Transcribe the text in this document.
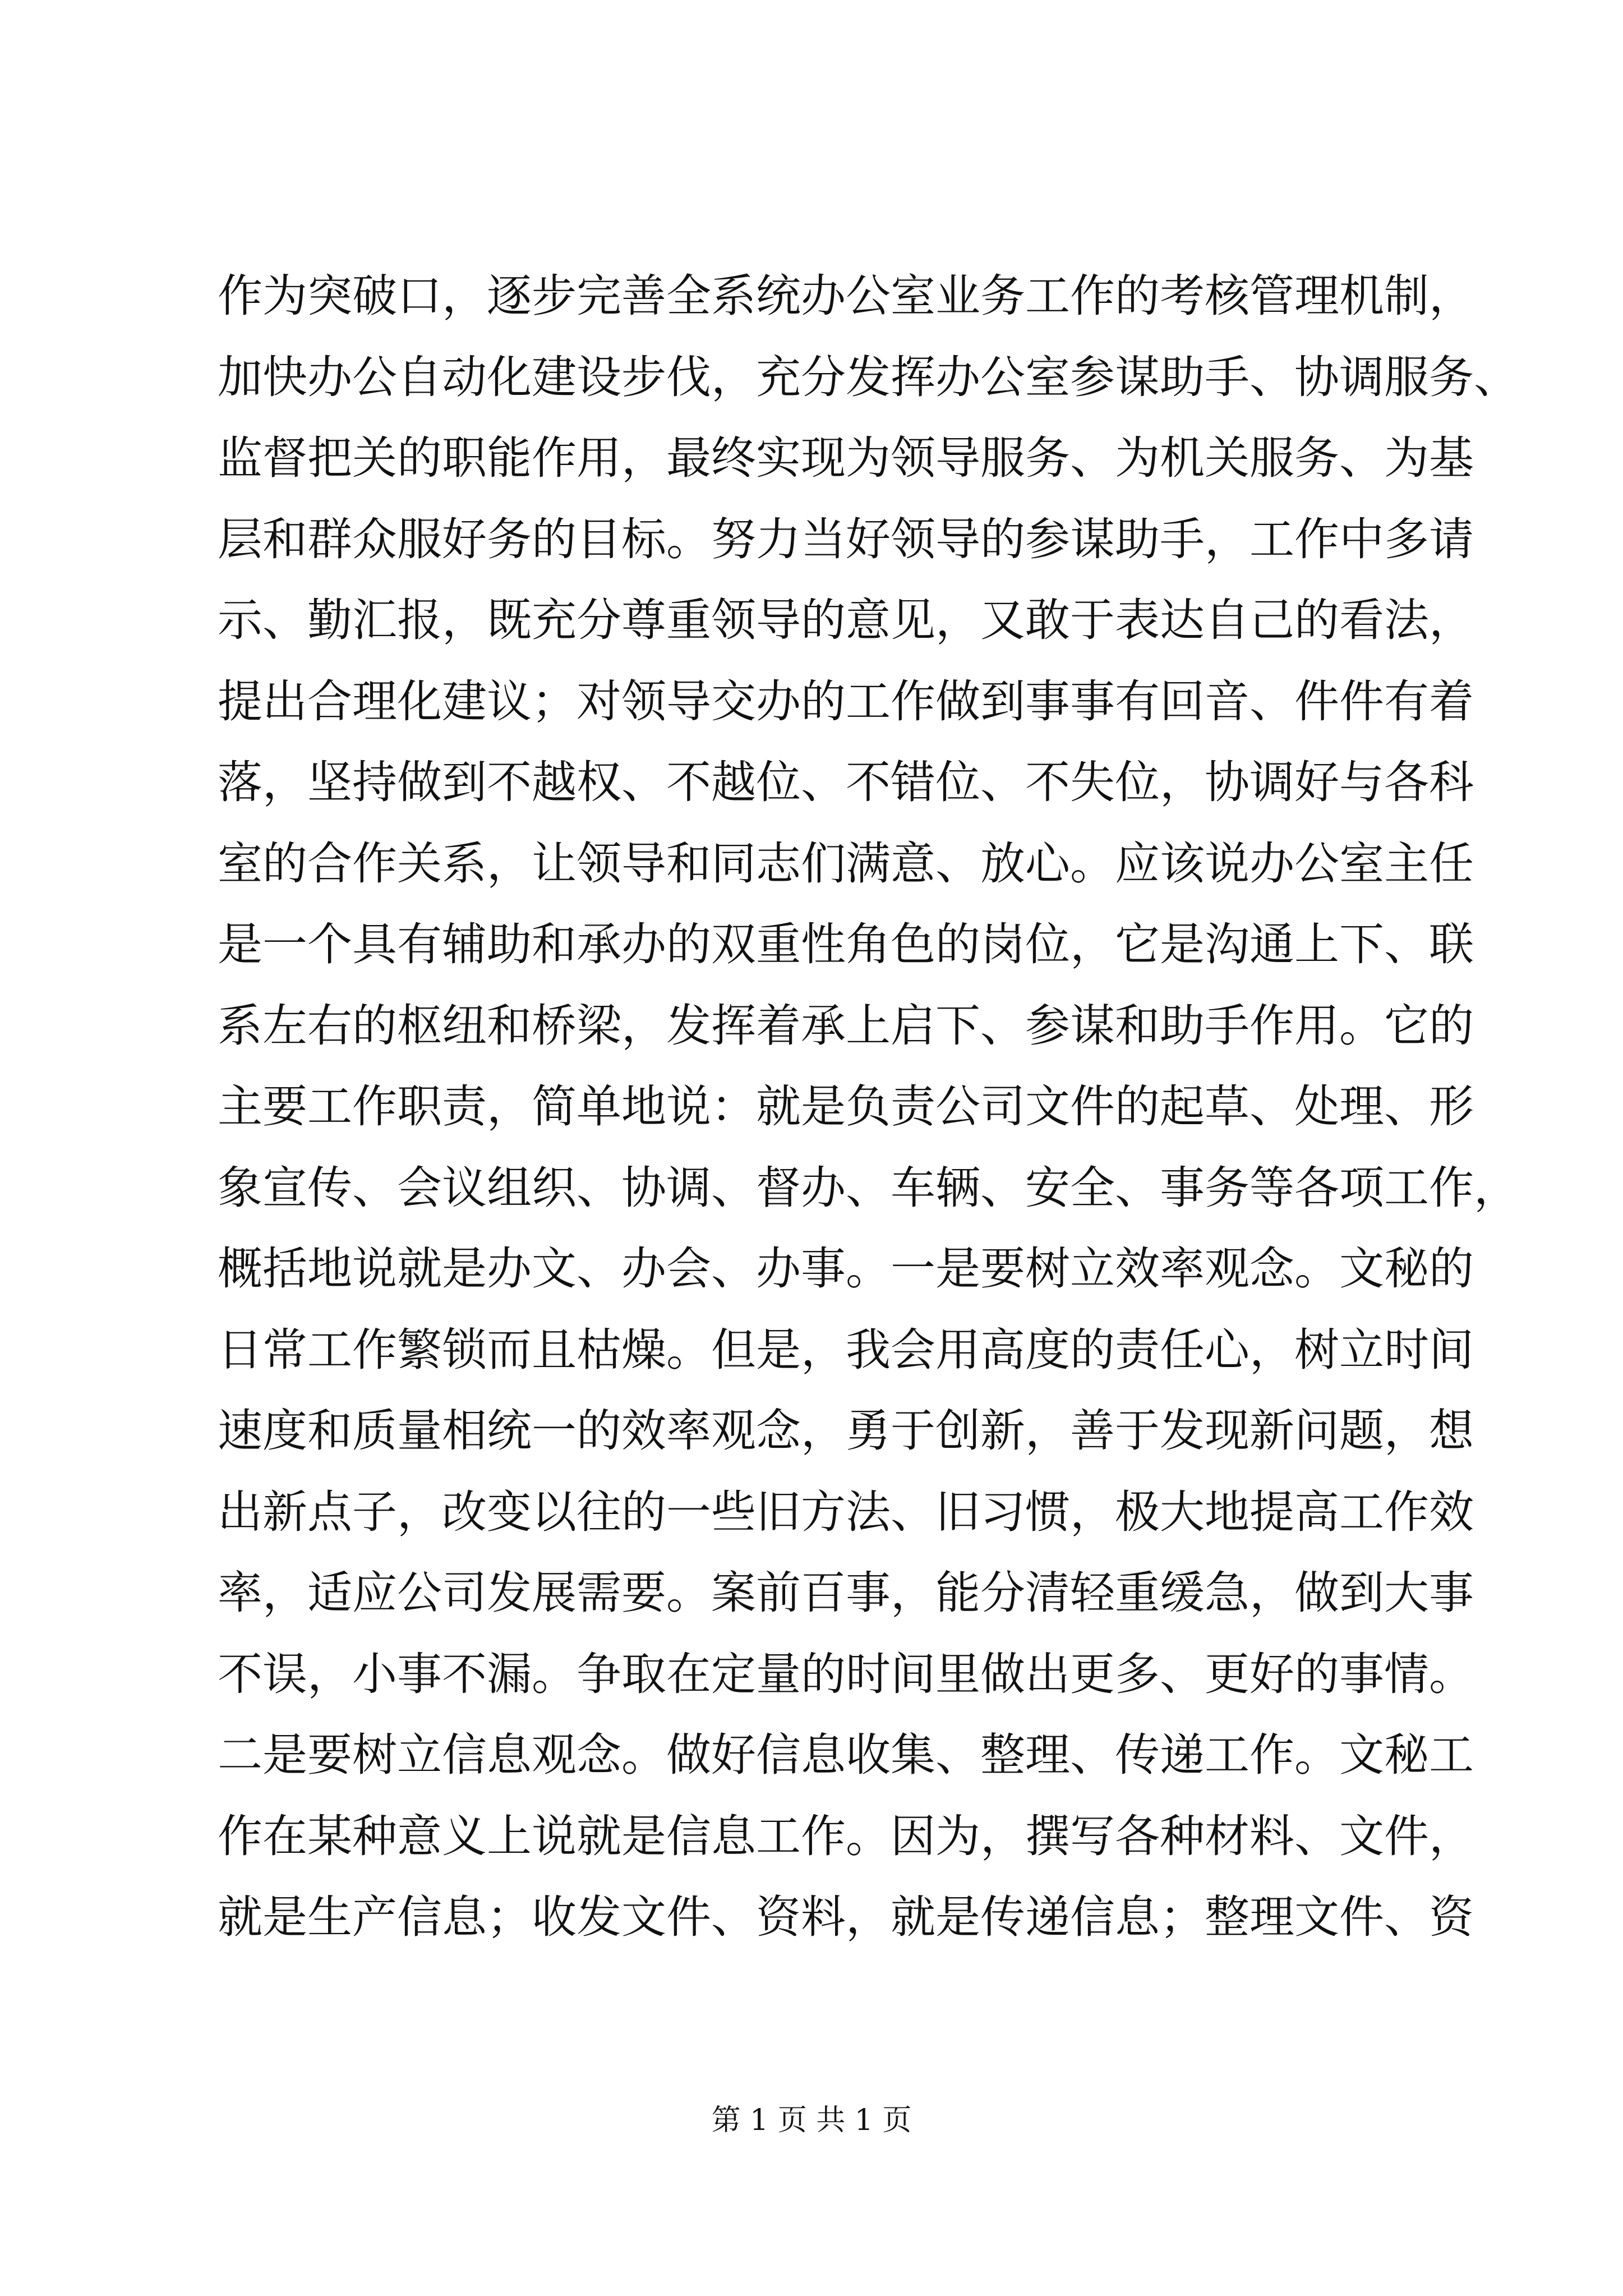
作为突破口，逐步完善全系统办公室业务工作的考核管理机制，
加快办公自动化建设步伐，充分发挥办公室参谋助手、协调服务、
监督把关的职能作用，最终实现为领导服务、为机关服务、为基
层和群众服好务的目标。努力当好领导的参谋助手，工作中多请
示、勤汇报，既充分尊重领导的意见，又敢于表达自己的看法，
提出合理化建议；对领导交办的工作做到事事有回音、件件有着
落，坚持做到不越权、不越位、不错位、不失位，协调好与各科
室的合作关系，让领导和同志们满意、放心。应该说办公室主任
是一个具有辅助和承办的双重性角色的岗位，它是沟通上下、联
系左右的枢纽和桥梁，发挥着承上启下、参谋和助手作用。它的
主要工作职责，简单地说：就是负责公司文件的起草、处理、形
象宣传、会议组织、协调、督办、车辆、安全、事务等各项工作，
概括地说就是办文、办会、办事。一是要树立效率观念。文秘的
日常工作繁锁而且枯燥。但是，我会用高度的责任心，树立时间
速度和质量相统一的效率观念，勇于创新，善于发现新问题，想
出新点子，改变以往的一些旧方法、旧习惯，极大地提高工作效
率，适应公司发展需要。案前百事，能分清轻重缓急，做到大事
不误，小事不漏。争取在定量的时间里做出更多、更好的事情。
二是要树立信息观念。做好信息收集、整理、传递工作。文秘工
作在某种意义上说就是信息工作。因为，撰写各种材料、文件，
就是生产信息；收发文件、资料，就是传递信息；整理文件、资
第 1 页 共 1 页
